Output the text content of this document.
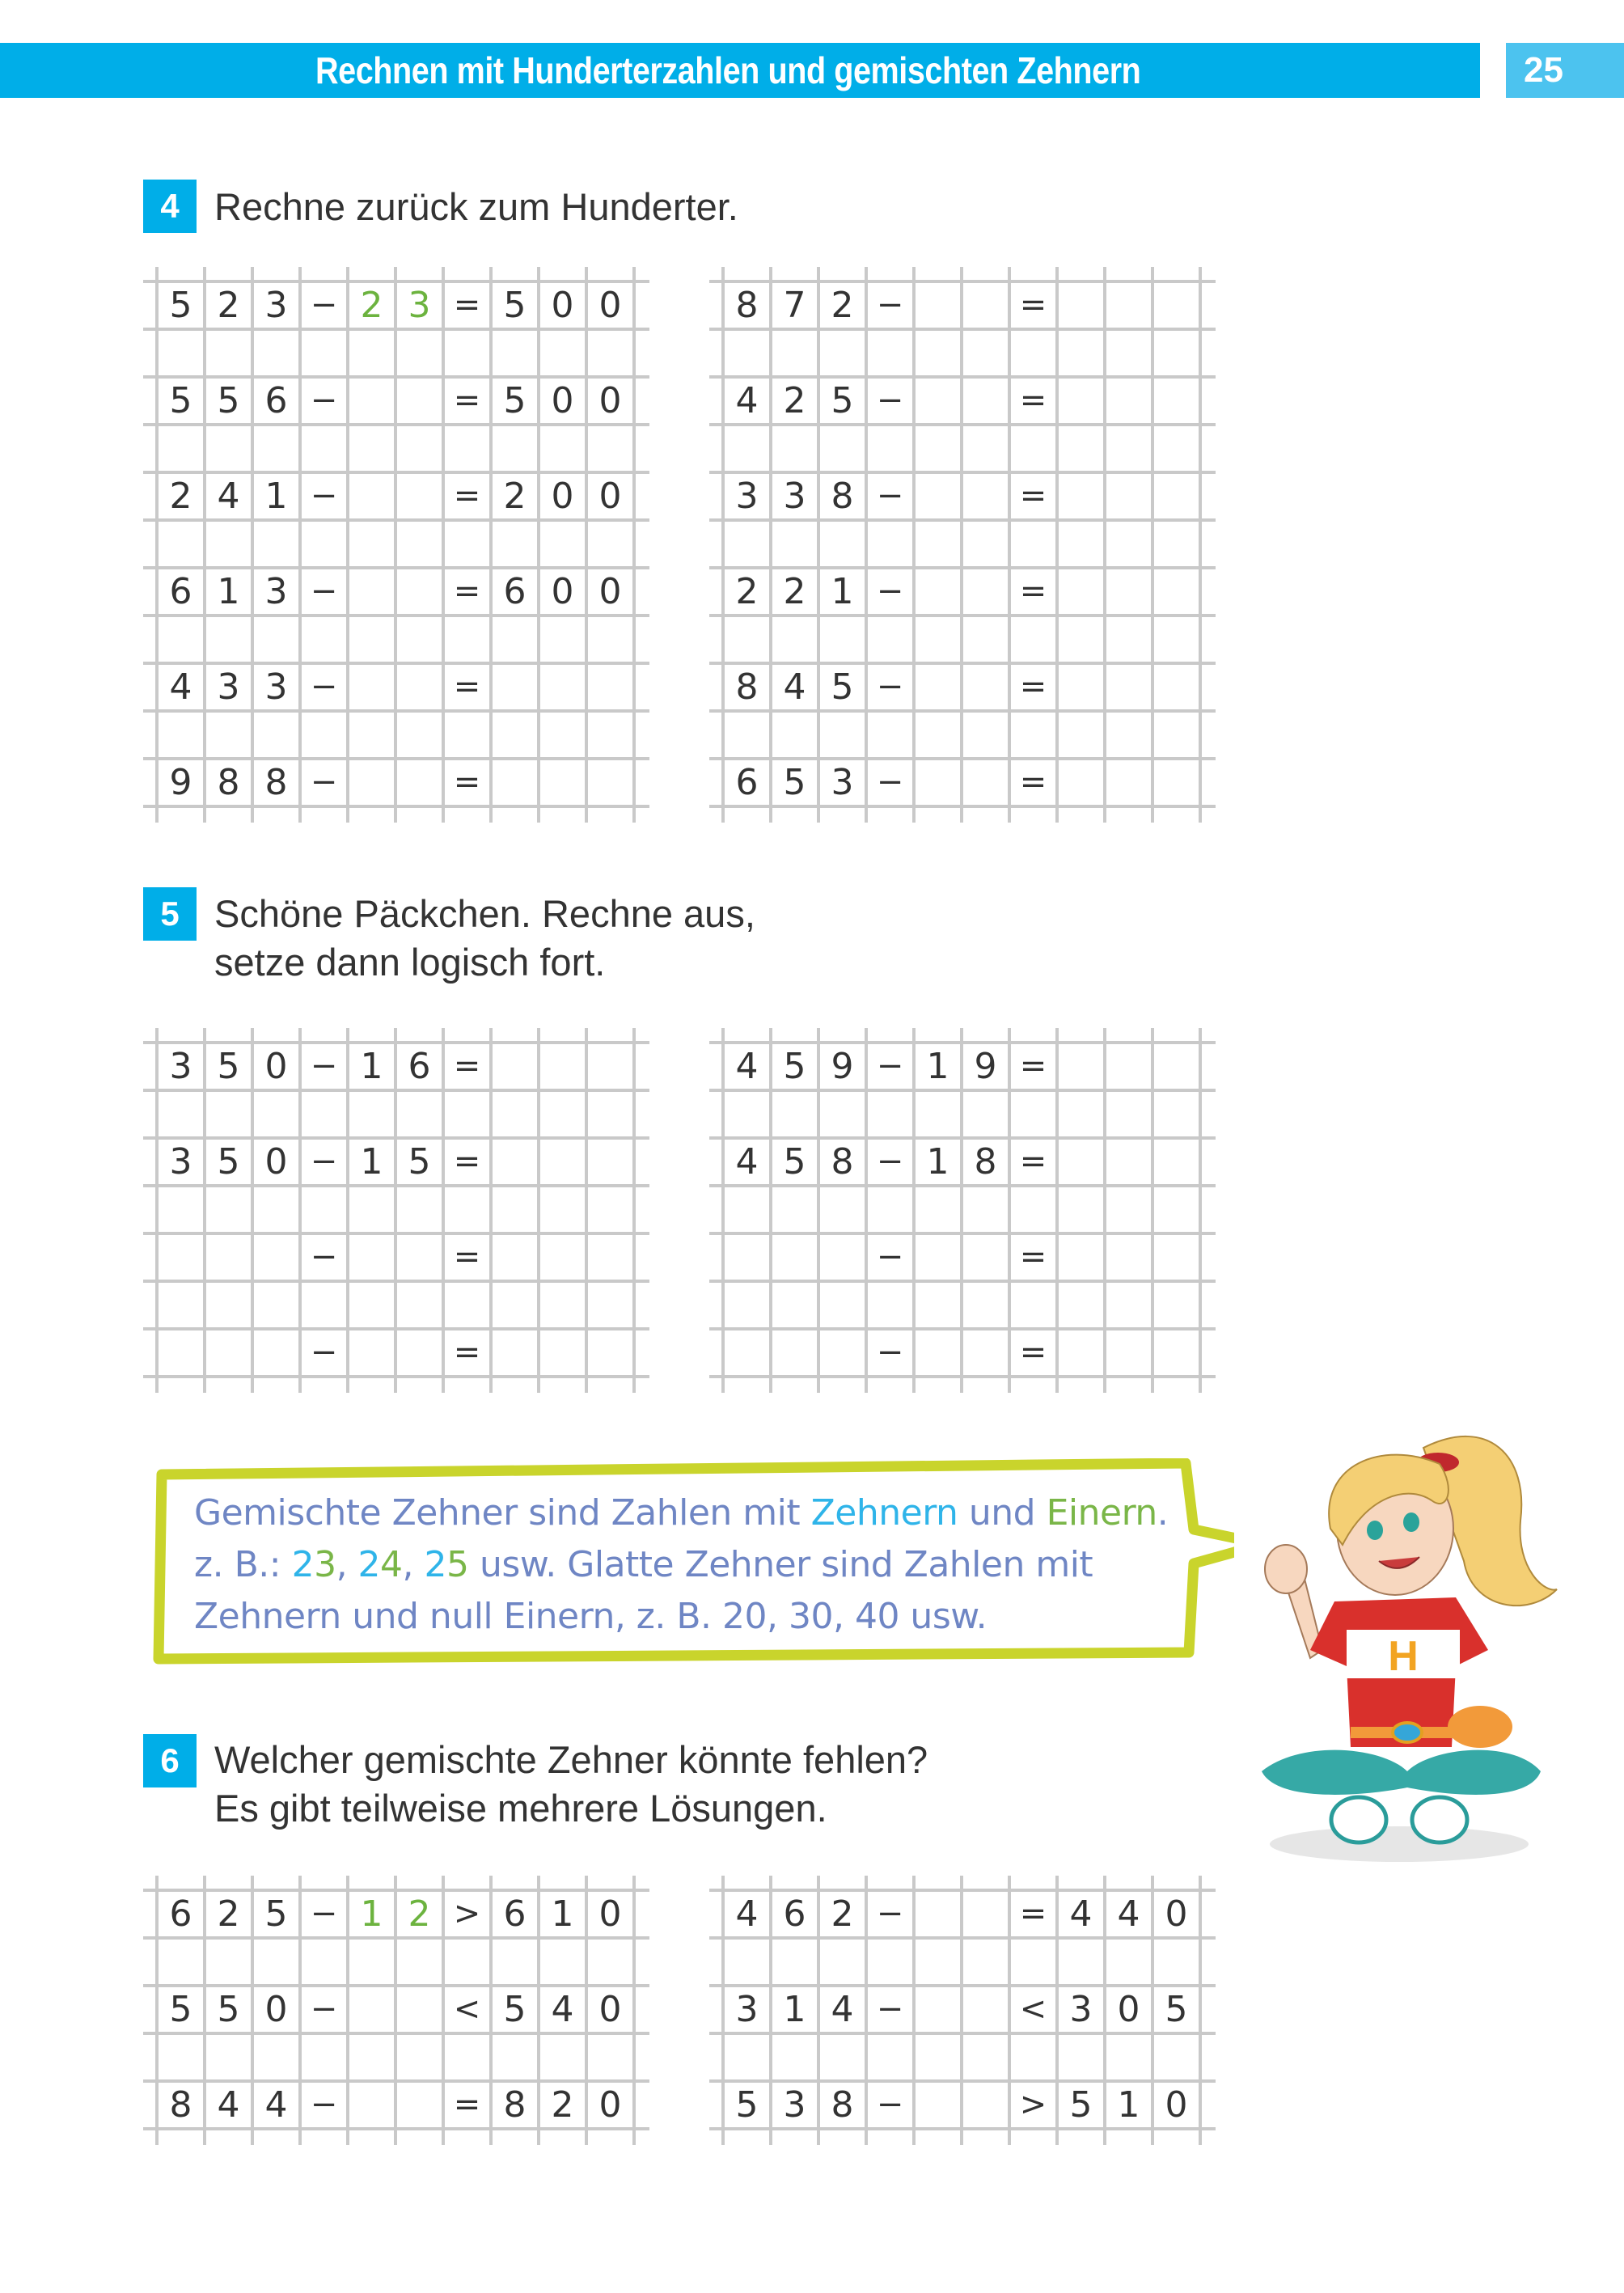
Rechnen mit Hunderterzahlen und gemischten Zehnern	25
4 Rechne zurück zum Hunderter.
5 2 3 − 2 3 = 5 0 0
5 5 6 −	= 5 0 0
2 4 1 −	= 2 0 0
6 1 3 −	= 6 0 0
4 3 3 −	=
9 8 8 −	=
8 7 2 −	=
4 2 5 −	=
3 3 8 −	=
2 2 1 −	=
8 4 5 −	=
6 5 3 −	=
5 Schöne Päckchen. Rechne aus,
setze dann logisch fort.
3 5 0 − 1 6 =
3 5 0 − 1 5 =
−	=
−	=
4 5 9 − 1 9 =
4 5 8 − 1 8 =
−	=
−	=
Gemischte Zehner sind Zahlen mit Zehnern und Einern.
z. B.: 23, 24, 25 usw. Glatte Zehner sind Zahlen mit
Zehnern und null Einern, z. B. 20, 30, 40 usw.
H
6 Welcher gemischte Zehner könnte fehlen?
Es gibt teilweise mehrere Lösungen.
6 2 5 − 1 2 > 6 1 0
5 5 0 −	< 5 4 0
8 4 4 −	= 8 2 0
4 6 2 −	= 4 4 0
3 1 4 −	< 3 0 5
5 3 8 −	> 5 1 0
